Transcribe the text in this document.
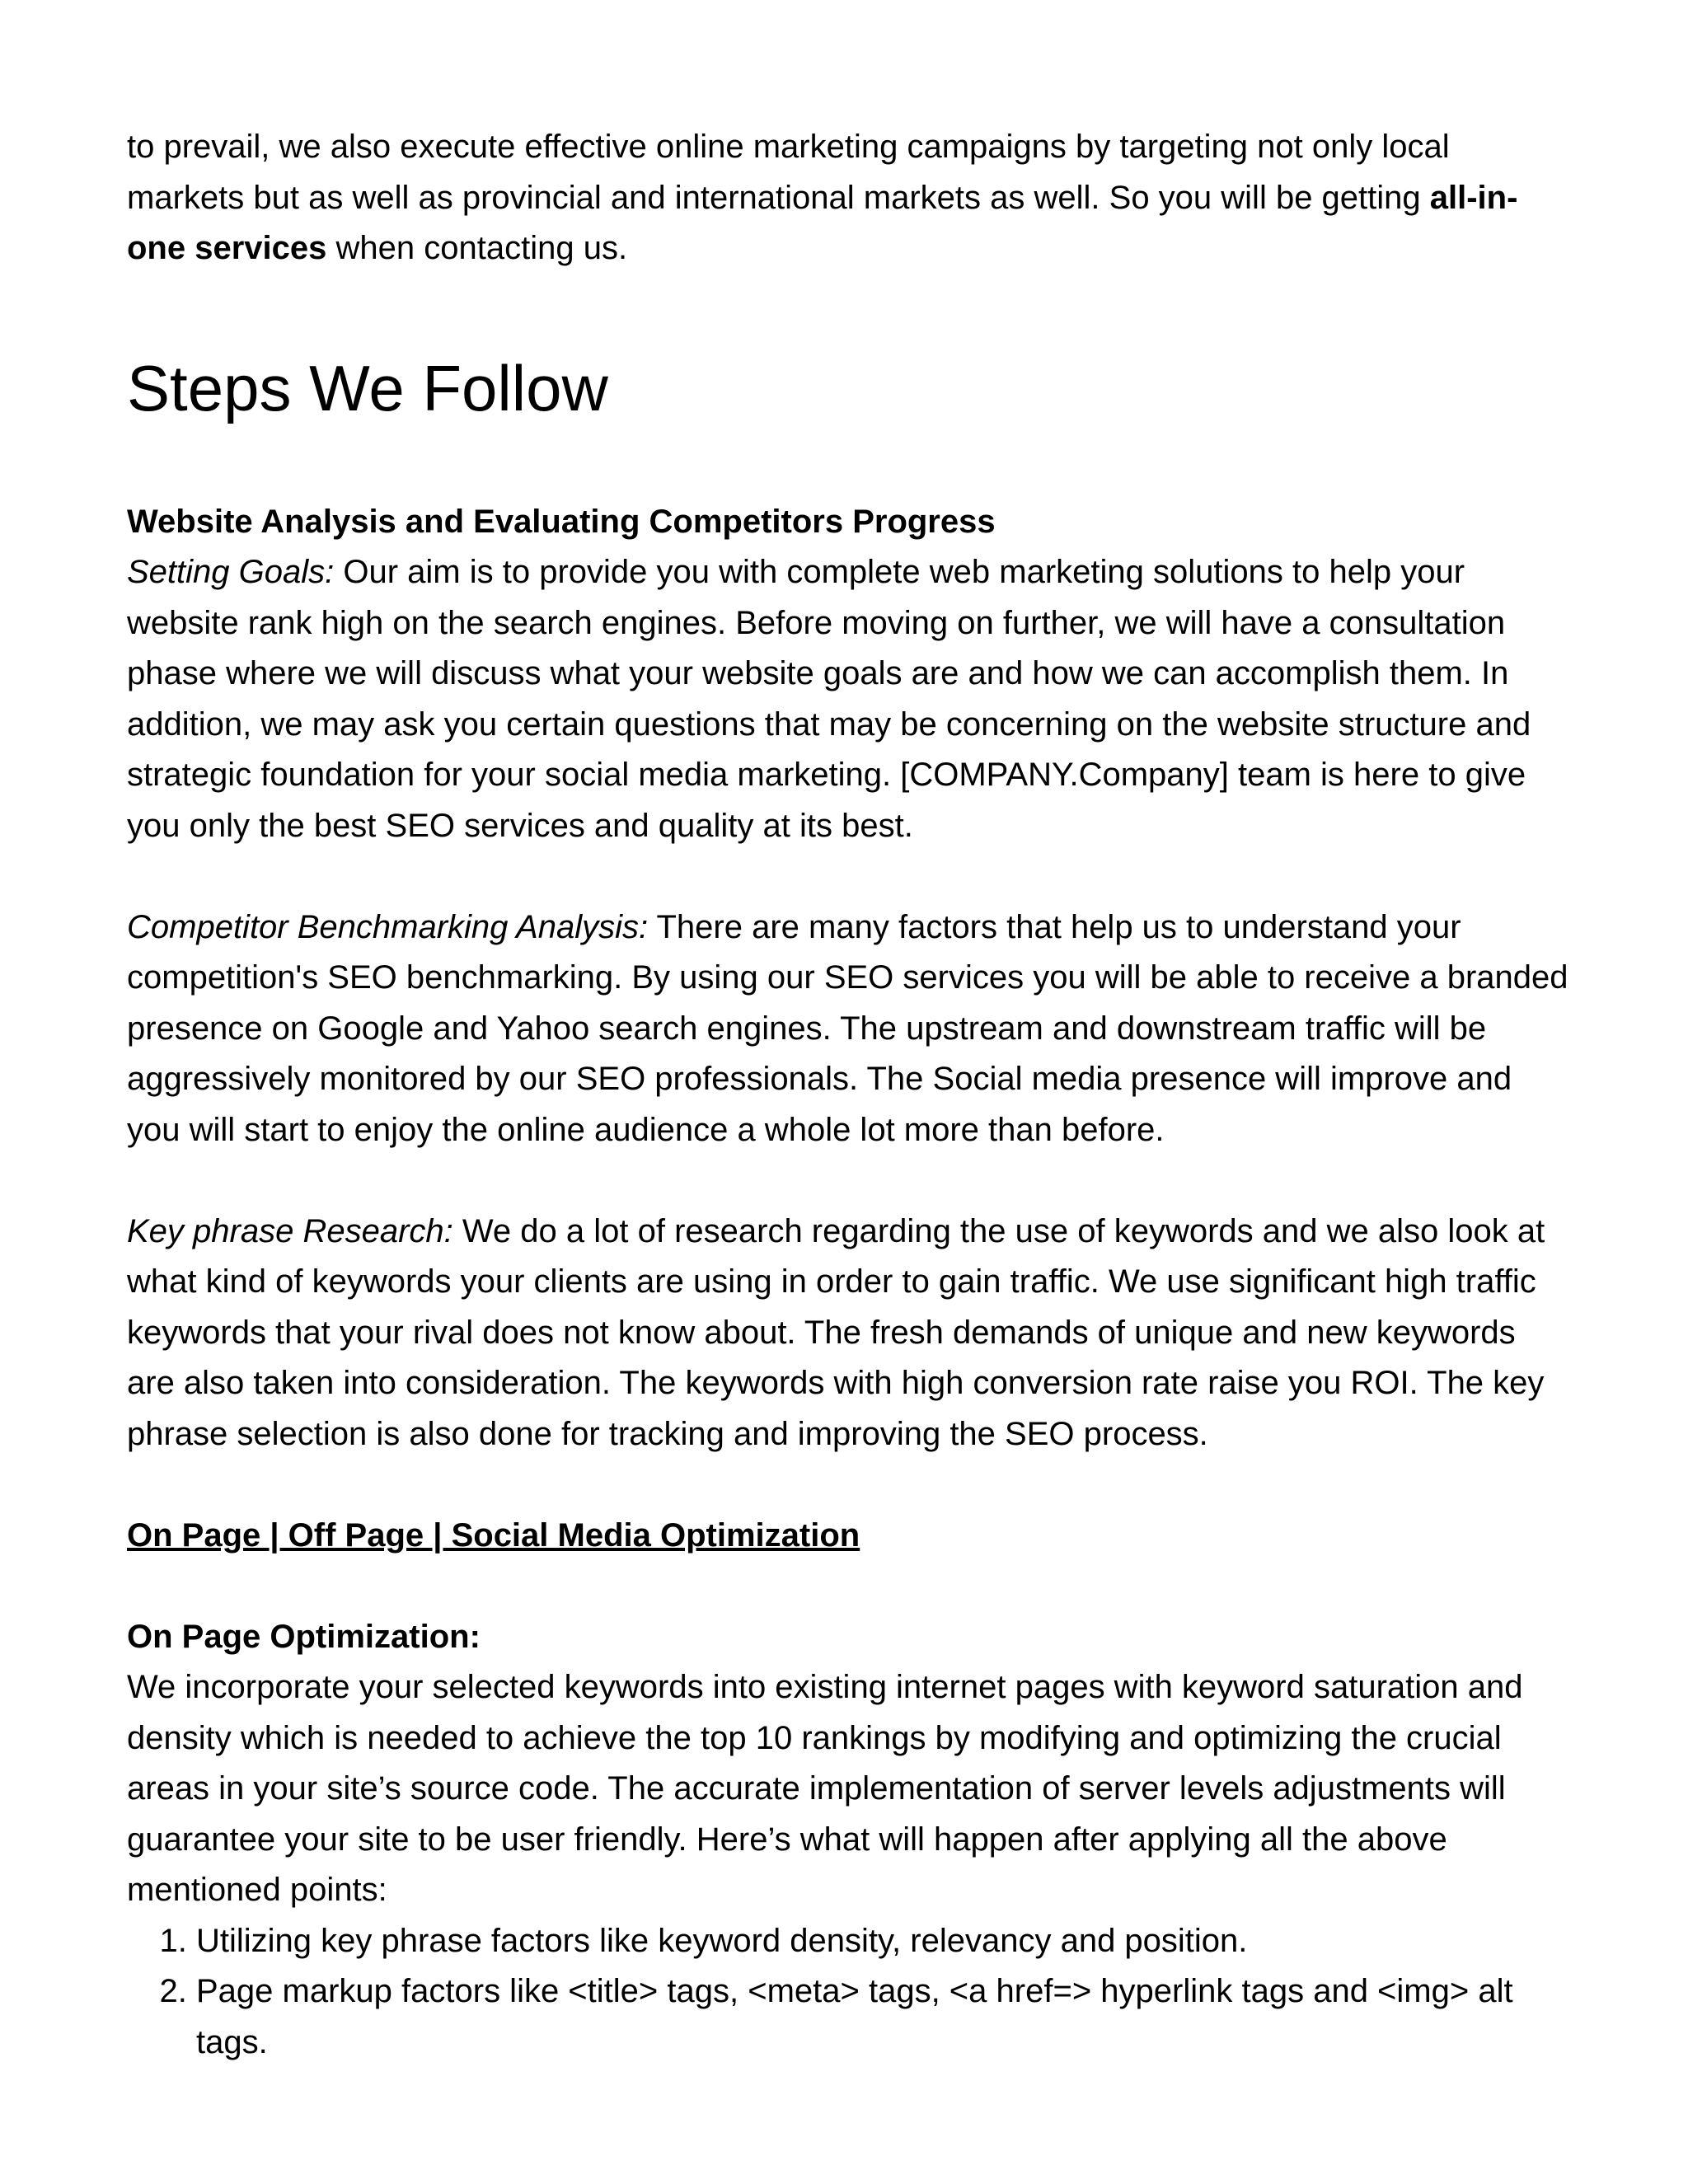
to prevail, we also execute effective online marketing campaigns by targeting not only local markets but as well as provincial and international markets as well. So you will be getting all-in-one services when contacting us.

Steps We Follow

Website Analysis and Evaluating Competitors Progress

Setting Goals: Our aim is to provide you with complete web marketing solutions to help your website rank high on the search engines. Before moving on further, we will have a consultation phase where we will discuss what your website goals are and how we can accomplish them. In addition, we may ask you certain questions that may be concerning on the website structure and strategic foundation for your social media marketing. [COMPANY.Company] team is here to give you only the best SEO services and quality at its best.

Competitor Benchmarking Analysis: There are many factors that help us to understand your competition's SEO benchmarking. By using our SEO services you will be able to receive a branded presence on Google and Yahoo search engines. The upstream and downstream traffic will be aggressively monitored by our SEO professionals. The Social media presence will improve and you will start to enjoy the online audience a whole lot more than before.

Key phrase Research: We do a lot of research regarding the use of keywords and we also look at what kind of keywords your clients are using in order to gain traffic. We use significant high traffic keywords that your rival does not know about. The fresh demands of unique and new keywords are also taken into consideration. The keywords with high conversion rate raise you ROI. The key phrase selection is also done for tracking and improving the SEO process.

On Page | Off Page | Social Media Optimization

On Page Optimization:

We incorporate your selected keywords into existing internet pages with keyword saturation and density which is needed to achieve the top 10 rankings by modifying and optimizing the crucial areas in your site’s source code. The accurate implementation of server levels adjustments will guarantee your site to be user friendly. Here’s what will happen after applying all the above mentioned points:

1. Utilizing key phrase factors like keyword density, relevancy and position.
2. Page markup factors like <title> tags, <meta> tags, <a href=> hyperlink tags and <img> alt tags.
